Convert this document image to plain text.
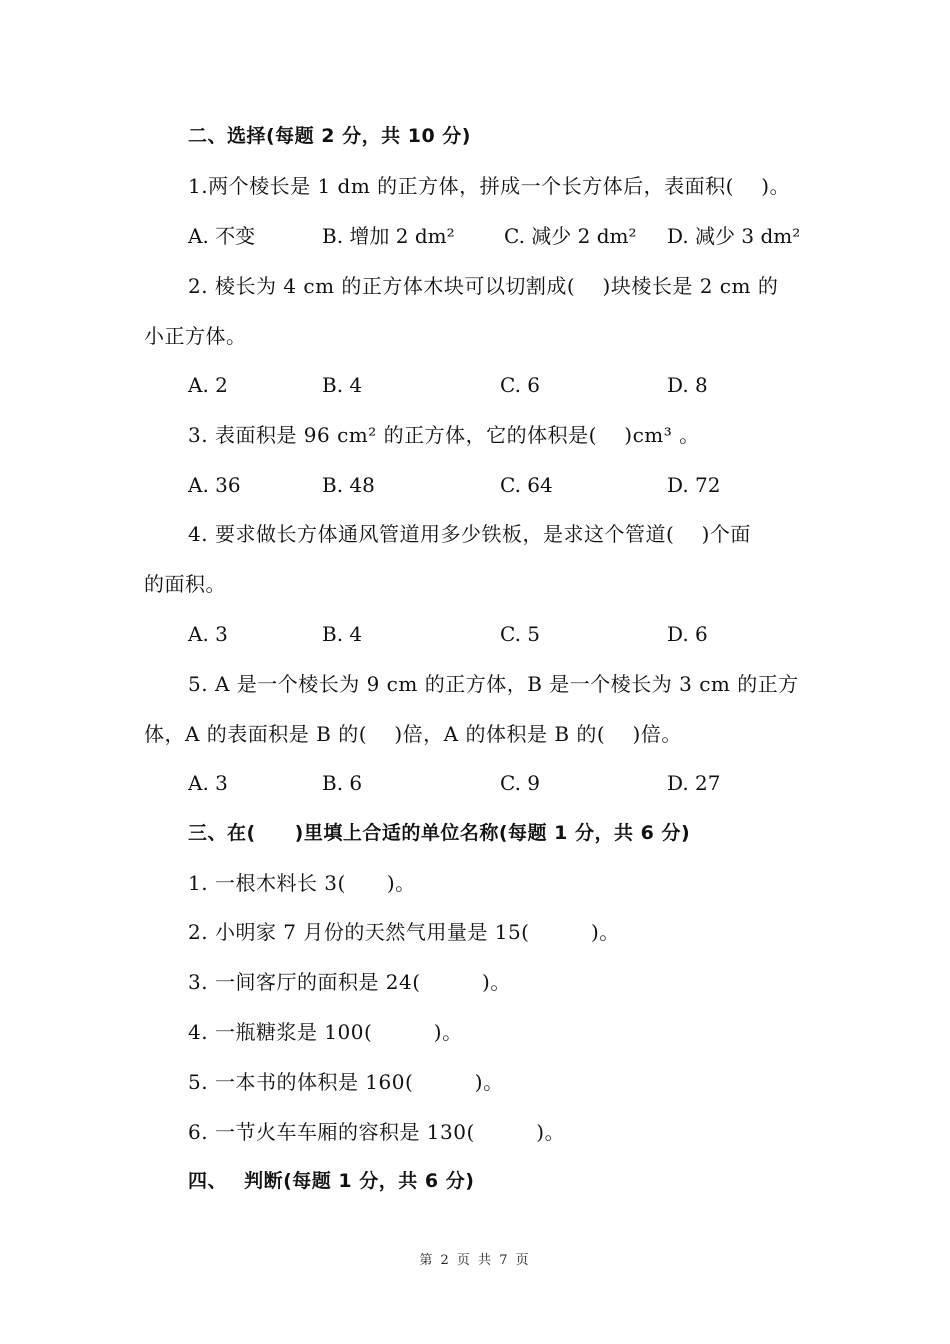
二、选择(每题 2 分，共 10 分)
1.两个棱长是 1 dm 的正方体，拼成一个长方体后，表面积(　 )。
A. 不变	B. 增加 2 dm² C. 减少 2 dm² D. 减少 3 dm²
2. 棱长为 4 cm 的正方体木块可以切割成(　 )块棱长是 2 cm 的
小正方体。
A. 2	B. 4	C. 6	D. 8
3. 表面积是 96 cm² 的正方体，它的体积是(　 )cm³ 。
A. 36	B. 48	C. 64	D. 72
4. 要求做长方体通风管道用多少铁板，是求这个管道(　 )个面
的面积。
A. 3	B. 4	C. 5	D. 6
5. A 是一个棱长为 9 cm 的正方体，B 是一个棱长为 3 cm 的正方
体，A 的表面积是 B 的(　 )倍，A 的体积是 B 的(　 )倍。
A. 3	B. 6	C. 9	D. 27
三、在(　　)里填上合适的单位名称(每题 1 分，共 6 分)
1. 一根木料长 3(　　)。
2. 小明家 7 月份的天然气用量是 15(　　　)。
3. 一间客厅的面积是 24(　　　)。
4. 一瓶糖浆是 100(　　　)。
5. 一本书的体积是 160(　　　)。
6. 一节火车车厢的容积是 130(　　　)。
四、　 判断(每题 1 分，共 6 分)
第 2 页 共 7 页
